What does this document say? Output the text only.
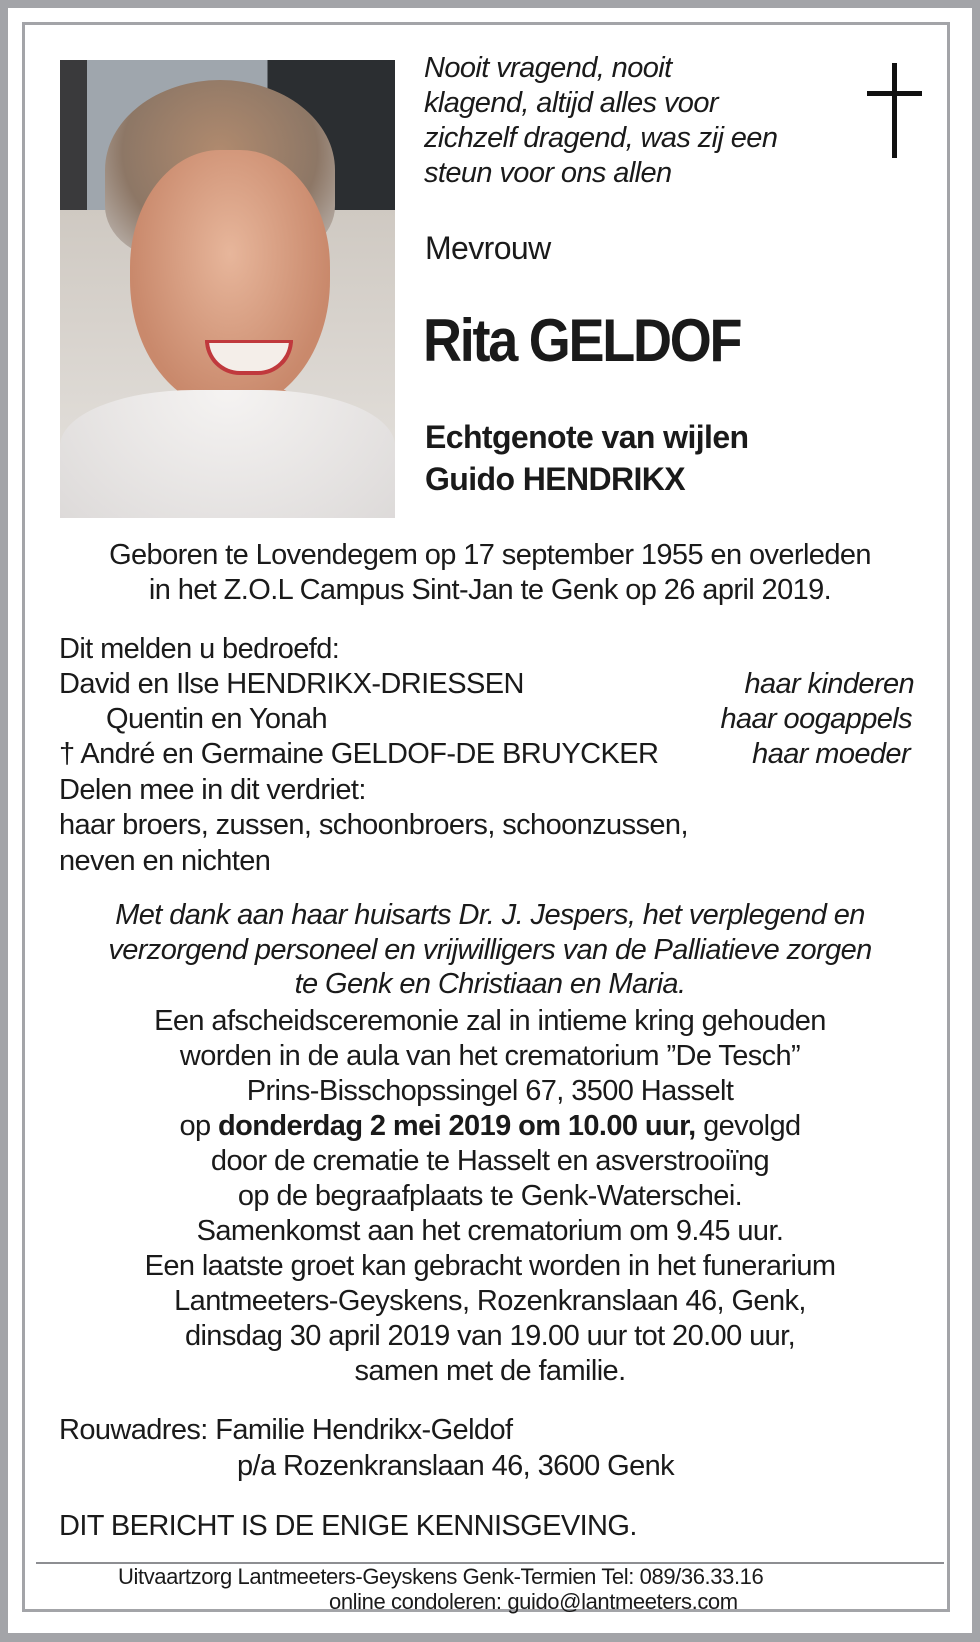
Nooit vragend, nooit
klagend, altijd alles voor
zichzelf dragend, was zij een
steun voor ons allen
Mevrouw
Rita GELDOF
Echtgenote van wijlen
Guido HENDRIKX
Geboren te Lovendegem op 17 september 1955 en overleden
in het Z.O.L Campus Sint-Jan te Genk op 26 april 2019.
Dit melden u bedroefd:
David en Ilse HENDRIKX-DRIESSEN	haar kinderen
Quentin en Yonah	haar oogappels
† André en Germaine GELDOF-DE BRUYCKER	haar moeder
Delen mee in dit verdriet:
haar broers, zussen, schoonbroers, schoonzussen,
neven en nichten
Met dank aan haar huisarts Dr. J. Jespers, het verplegend en
verzorgend personeel en vrijwilligers van de Palliatieve zorgen
te Genk en Christiaan en Maria.
Een afscheidsceremonie zal in intieme kring gehouden
worden in de aula van het crematorium ”De Tesch”
Prins-Bisschopssingel 67, 3500 Hasselt
op donderdag 2 mei 2019 om 10.00 uur, gevolgd
door de crematie te Hasselt en asverstrooiïng
op de begraafplaats te Genk-Waterschei.
Samenkomst aan het crematorium om 9.45 uur.
Een laatste groet kan gebracht worden in het funerarium
Lantmeeters-Geyskens, Rozenkranslaan 46, Genk,
dinsdag 30 april 2019 van 19.00 uur tot 20.00 uur,
samen met de familie.
Rouwadres: Familie Hendrikx-Geldof
p/a Rozenkranslaan 46, 3600 Genk
DIT BERICHT IS DE ENIGE KENNISGEVING.
Uitvaartzorg Lantmeeters-Geyskens Genk-Termien Tel: 089/36.33.16
online condoleren: guido@lantmeeters.com
